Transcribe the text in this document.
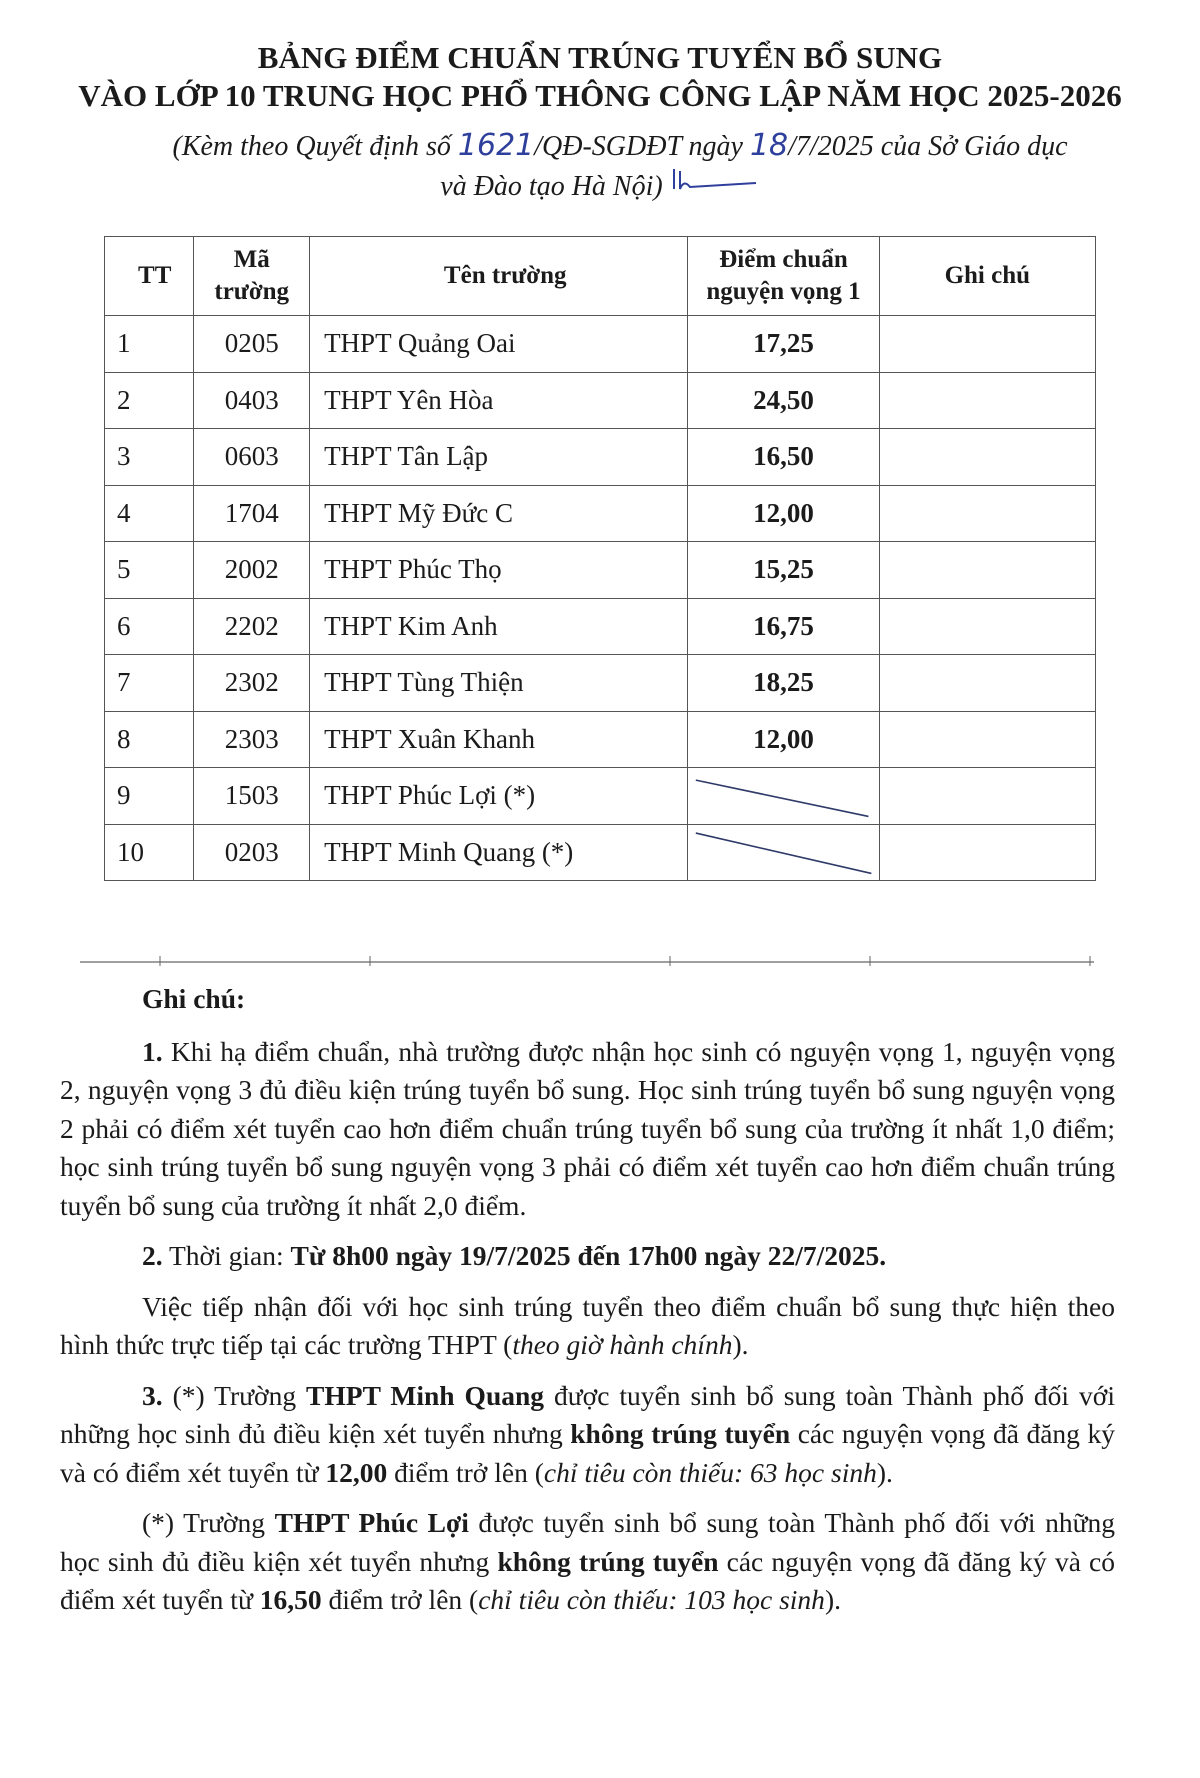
BẢNG ĐIỂM CHUẨN TRÚNG TUYỂN BỔ SUNG
VÀO LỚP 10 TRUNG HỌC PHỔ THÔNG CÔNG LẬP NĂM HỌC 2025-2026
(Kèm theo Quyết định số 1621/QĐ-SGDĐT ngày 18/7/2025 của Sở Giáo dục
và Đào tạo Hà Nội)
TT	Mã trường	Tên trường	Điểm chuẩn nguyện vọng 1	Ghi chú
1	0205	THPT Quảng Oai	17,25	
2	0403	THPT Yên Hòa	24,50	
3	0603	THPT Tân Lập	16,50	
4	1704	THPT Mỹ Đức C	12,00	
5	2002	THPT Phúc Thọ	15,25	
6	2202	THPT Kim Anh	16,75	
7	2302	THPT Tùng Thiện	18,25	
8	2303	THPT Xuân Khanh	12,00	
9	1503	THPT Phúc Lợi (*)	

10	0203	THPT Minh Quang (*)	

Ghi chú:

1. Khi hạ điểm chuẩn, nhà trường được nhận học sinh có nguyện vọng 1, nguyện vọng 2, nguyện vọng 3 đủ điều kiện trúng tuyển bổ sung. Học sinh trúng tuyển bổ sung nguyện vọng 2 phải có điểm xét tuyển cao hơn điểm chuẩn trúng tuyển bổ sung của trường ít nhất 1,0 điểm; học sinh trúng tuyển bổ sung nguyện vọng 3 phải có điểm xét tuyển cao hơn điểm chuẩn trúng tuyển bổ sung của trường ít nhất 2,0 điểm.

2. Thời gian: Từ 8h00 ngày 19/7/2025 đến 17h00 ngày 22/7/2025.

Việc tiếp nhận đối với học sinh trúng tuyển theo điểm chuẩn bổ sung thực hiện theo hình thức trực tiếp tại các trường THPT (theo giờ hành chính).

3. (*) Trường THPT Minh Quang được tuyển sinh bổ sung toàn Thành phố đối với những học sinh đủ điều kiện xét tuyển nhưng không trúng tuyển các nguyện vọng đã đăng ký và có điểm xét tuyển từ 12,00 điểm trở lên (chỉ tiêu còn thiếu: 63 học sinh).

(*) Trường THPT Phúc Lợi được tuyển sinh bổ sung toàn Thành phố đối với những học sinh đủ điều kiện xét tuyển nhưng không trúng tuyển các nguyện vọng đã đăng ký và có điểm xét tuyển từ 16,50 điểm trở lên (chỉ tiêu còn thiếu: 103 học sinh).
